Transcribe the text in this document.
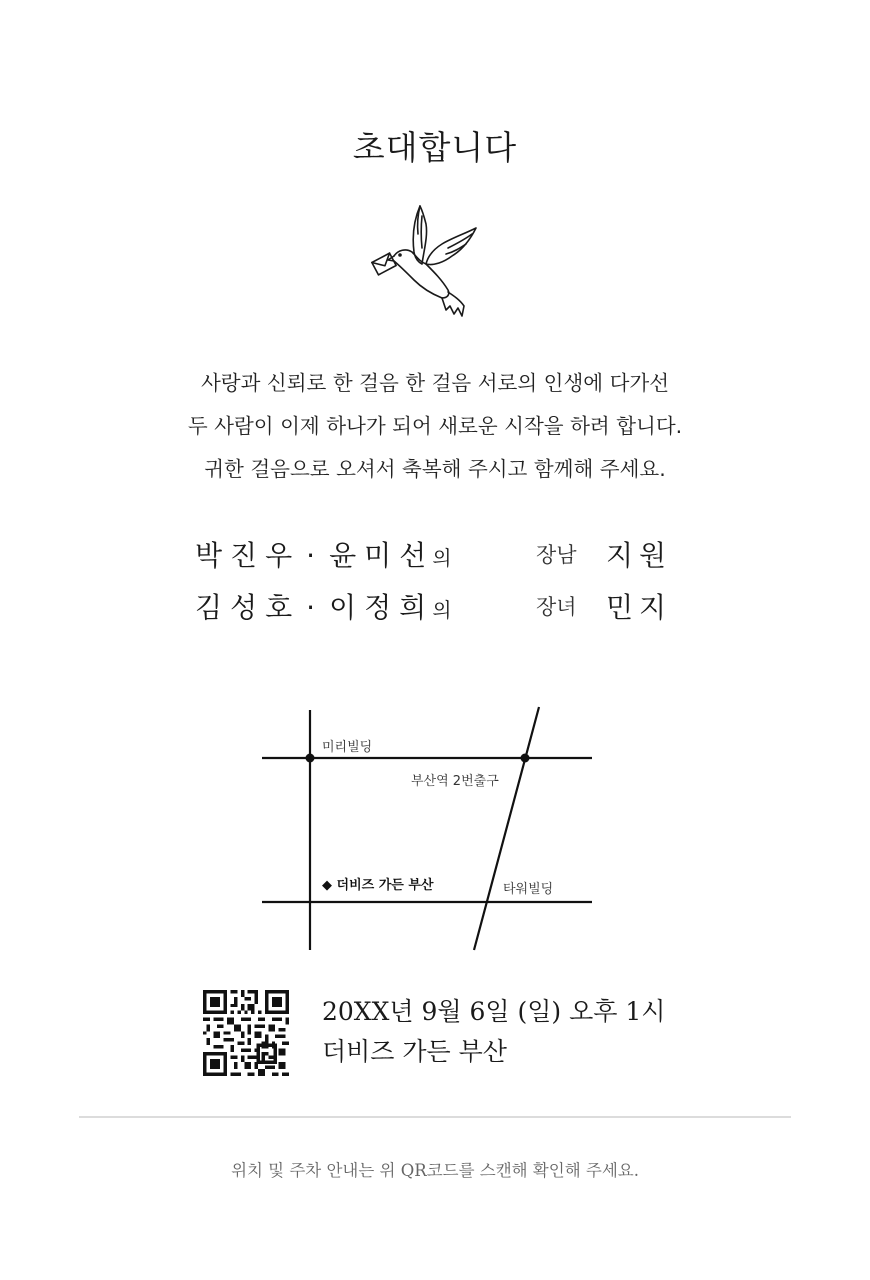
초대합니다
사랑과 신뢰로 한 걸음 한 걸음 서로의 인생에 다가선
두 사람이 이제 하나가 되어 새로운 시작을 하려 합니다.
귀한 걸음으로 오셔서 축복해 주시고 함께해 주세요.
박진우 · 윤미선의	장남 지원
김성호 · 이정희의	장녀 민지
미리빌딩
부산역 2번출구
◆ 더비즈 가든 부산	타워빌딩
20XX년 9월 6일 (일) 오후 1시
더비즈 가든 부산
위치 및 주차 안내는 위 QR코드를 스캔해 확인해 주세요.
